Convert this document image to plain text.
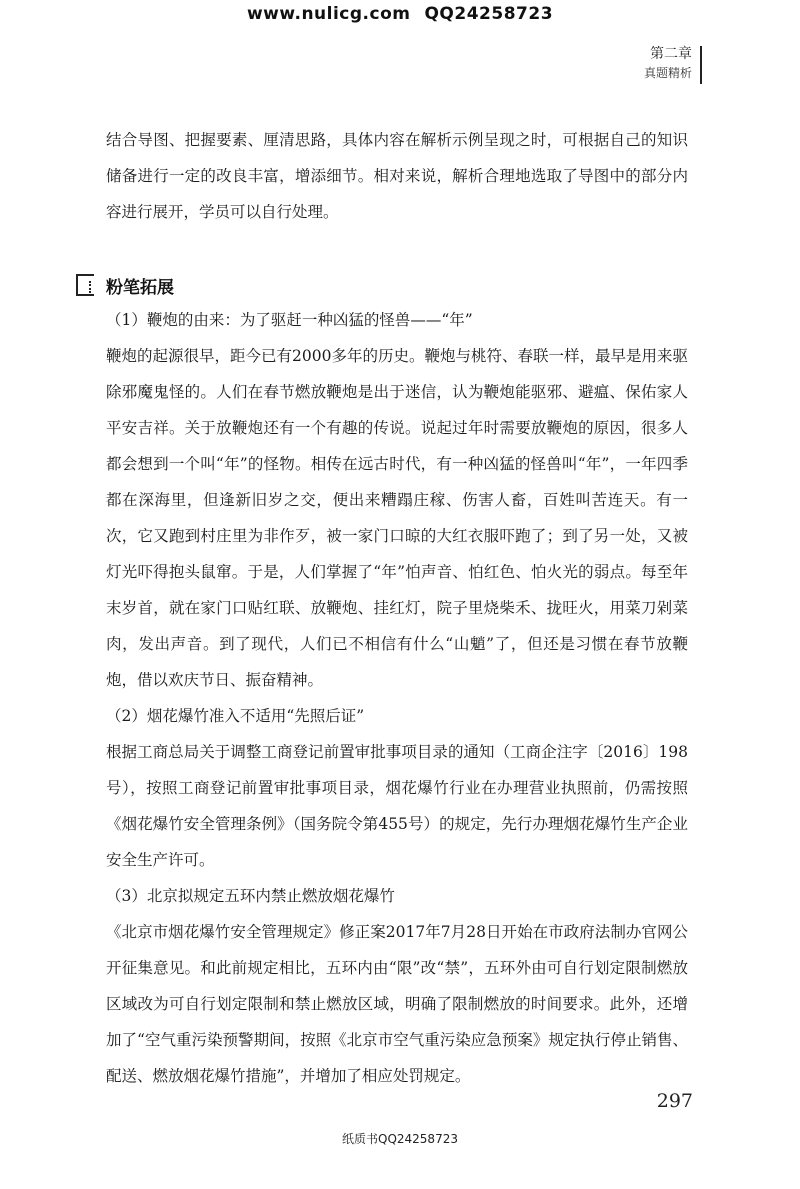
www.nulicg.com QQ24258723
第二章
真题精析

结合导图、把握要素、厘清思路，具体内容在解析示例呈现之时，可根据自己的知识储备进行一定的改良丰富，增添细节。相对来说，解析合理地选取了导图中的部分内容进行展开，学员可以自行处理。

粉笔拓展

（1）鞭炮的由来：为了驱赶一种凶猛的怪兽——“年”

鞭炮的起源很早，距今已有2000多年的历史。鞭炮与桃符、春联一样，最早是用来驱除邪魔鬼怪的。人们在春节燃放鞭炮是出于迷信，认为鞭炮能驱邪、避瘟、保佑家人平安吉祥。关于放鞭炮还有一个有趣的传说。说起过年时需要放鞭炮的原因，很多人都会想到一个叫“年”的怪物。相传在远古时代，有一种凶猛的怪兽叫“年”，一年四季都在深海里，但逢新旧岁之交，便出来糟蹋庄稼、伤害人畜，百姓叫苦连天。有一次，它又跑到村庄里为非作歹，被一家门口晾的大红衣服吓跑了；到了另一处，又被灯光吓得抱头鼠窜。于是，人们掌握了“年”怕声音、怕红色、怕火光的弱点。每至年末岁首，就在家门口贴红联、放鞭炮、挂红灯，院子里烧柴禾、拢旺火，用菜刀剁菜肉，发出声音。到了现代，人们已不相信有什么“山魈”了，但还是习惯在春节放鞭炮，借以欢庆节日、振奋精神。

（2）烟花爆竹准入不适用“先照后证”

根据工商总局关于调整工商登记前置审批事项目录的通知（工商企注字〔2016〕198号），按照工商登记前置审批事项目录，烟花爆竹行业在办理营业执照前，仍需按照《烟花爆竹安全管理条例》（国务院令第455号）的规定，先行办理烟花爆竹生产企业安全生产许可。

（3）北京拟规定五环内禁止燃放烟花爆竹

《北京市烟花爆竹安全管理规定》修正案2017年7月28日开始在市政府法制办官网公开征集意见。和此前规定相比，五环内由“限”改“禁”，五环外由可自行划定限制燃放区域改为可自行划定限制和禁止燃放区域，明确了限制燃放的时间要求。此外，还增加了“空气重污染预警期间，按照《北京市空气重污染应急预案》规定执行停止销售、配送、燃放烟花爆竹措施”，并增加了相应处罚规定。

297
纸质书QQ24258723
